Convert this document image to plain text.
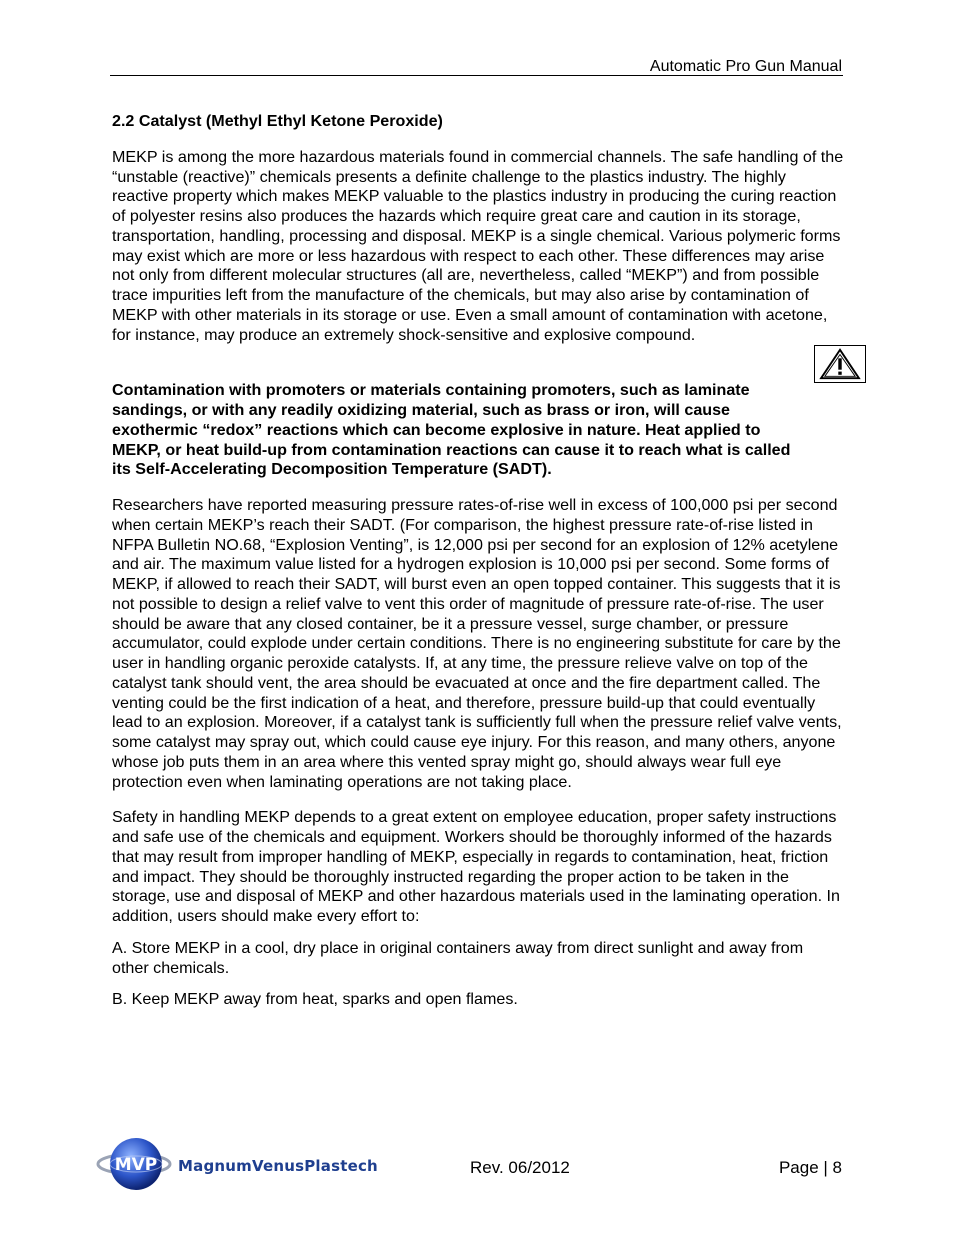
Automatic Pro Gun Manual

2.2 Catalyst (Methyl Ethyl Ketone Peroxide)

MEKP is among the more hazardous materials found in commercial channels. The safe handling of the “unstable (reactive)” chemicals presents a definite challenge to the plastics industry. The highly reactive property which makes MEKP valuable to the plastics industry in producing the curing reaction of polyester resins also produces the hazards which require great care and caution in its storage, transportation, handling, processing and disposal. MEKP is a single chemical. Various polymeric forms may exist which are more or less hazardous with respect to each other. These differences may arise not only from different molecular structures (all are, nevertheless, called “MEKP”) and from possible trace impurities left from the manufacture of the chemicals, but may also arise by contamination of MEKP with other materials in its storage or use. Even a small amount of contamination with acetone, for instance, may produce an extremely shock-sensitive and explosive compound.

Contamination with promoters or materials containing promoters, such as laminate sandings, or with any readily oxidizing material, such as brass or iron, will cause exothermic “redox” reactions which can become explosive in nature. Heat applied to MEKP, or heat build-up from contamination reactions can cause it to reach what is called its Self-Accelerating Decomposition Temperature (SADT).

Researchers have reported measuring pressure rates-of-rise well in excess of 100,000 psi per second when certain MEKP’s reach their SADT. (For comparison, the highest pressure rate-of-rise listed in NFPA Bulletin NO.68, “Explosion Venting”, is 12,000 psi per second for an explosion of 12% acetylene and air. The maximum value listed for a hydrogen explosion is 10,000 psi per second. Some forms of MEKP, if allowed to reach their SADT, will burst even an open topped container. This suggests that it is not possible to design a relief valve to vent this order of magnitude of pressure rate-of-rise. The user should be aware that any closed container, be it a pressure vessel, surge chamber, or pressure accumulator, could explode under certain conditions. There is no engineering substitute for care by the user in handling organic peroxide catalysts. If, at any time, the pressure relieve valve on top of the catalyst tank should vent, the area should be evacuated at once and the fire department called. The venting could be the first indication of a heat, and therefore, pressure build-up that could eventually lead to an explosion. Moreover, if a catalyst tank is sufficiently full when the pressure relief valve vents, some catalyst may spray out, which could cause eye injury. For this reason, and many others, anyone whose job puts them in an area where this vented spray might go, should always wear full eye protection even when laminating operations are not taking place.

Safety in handling MEKP depends to a great extent on employee education, proper safety instructions and safe use of the chemicals and equipment. Workers should be thoroughly informed of the hazards that may result from improper handling of MEKP, especially in regards to contamination, heat, friction and impact. They should be thoroughly instructed regarding the proper action to be taken in the storage, use and disposal of MEKP and other hazardous materials used in the laminating operation. In addition, users should make every effort to:

A. Store MEKP in a cool, dry place in original containers away from direct sunlight and away from other chemicals.

B. Keep MEKP away from heat, sparks and open flames.

MVP MagnumVenusPlastech	Rev. 06/2012	Page | 8
